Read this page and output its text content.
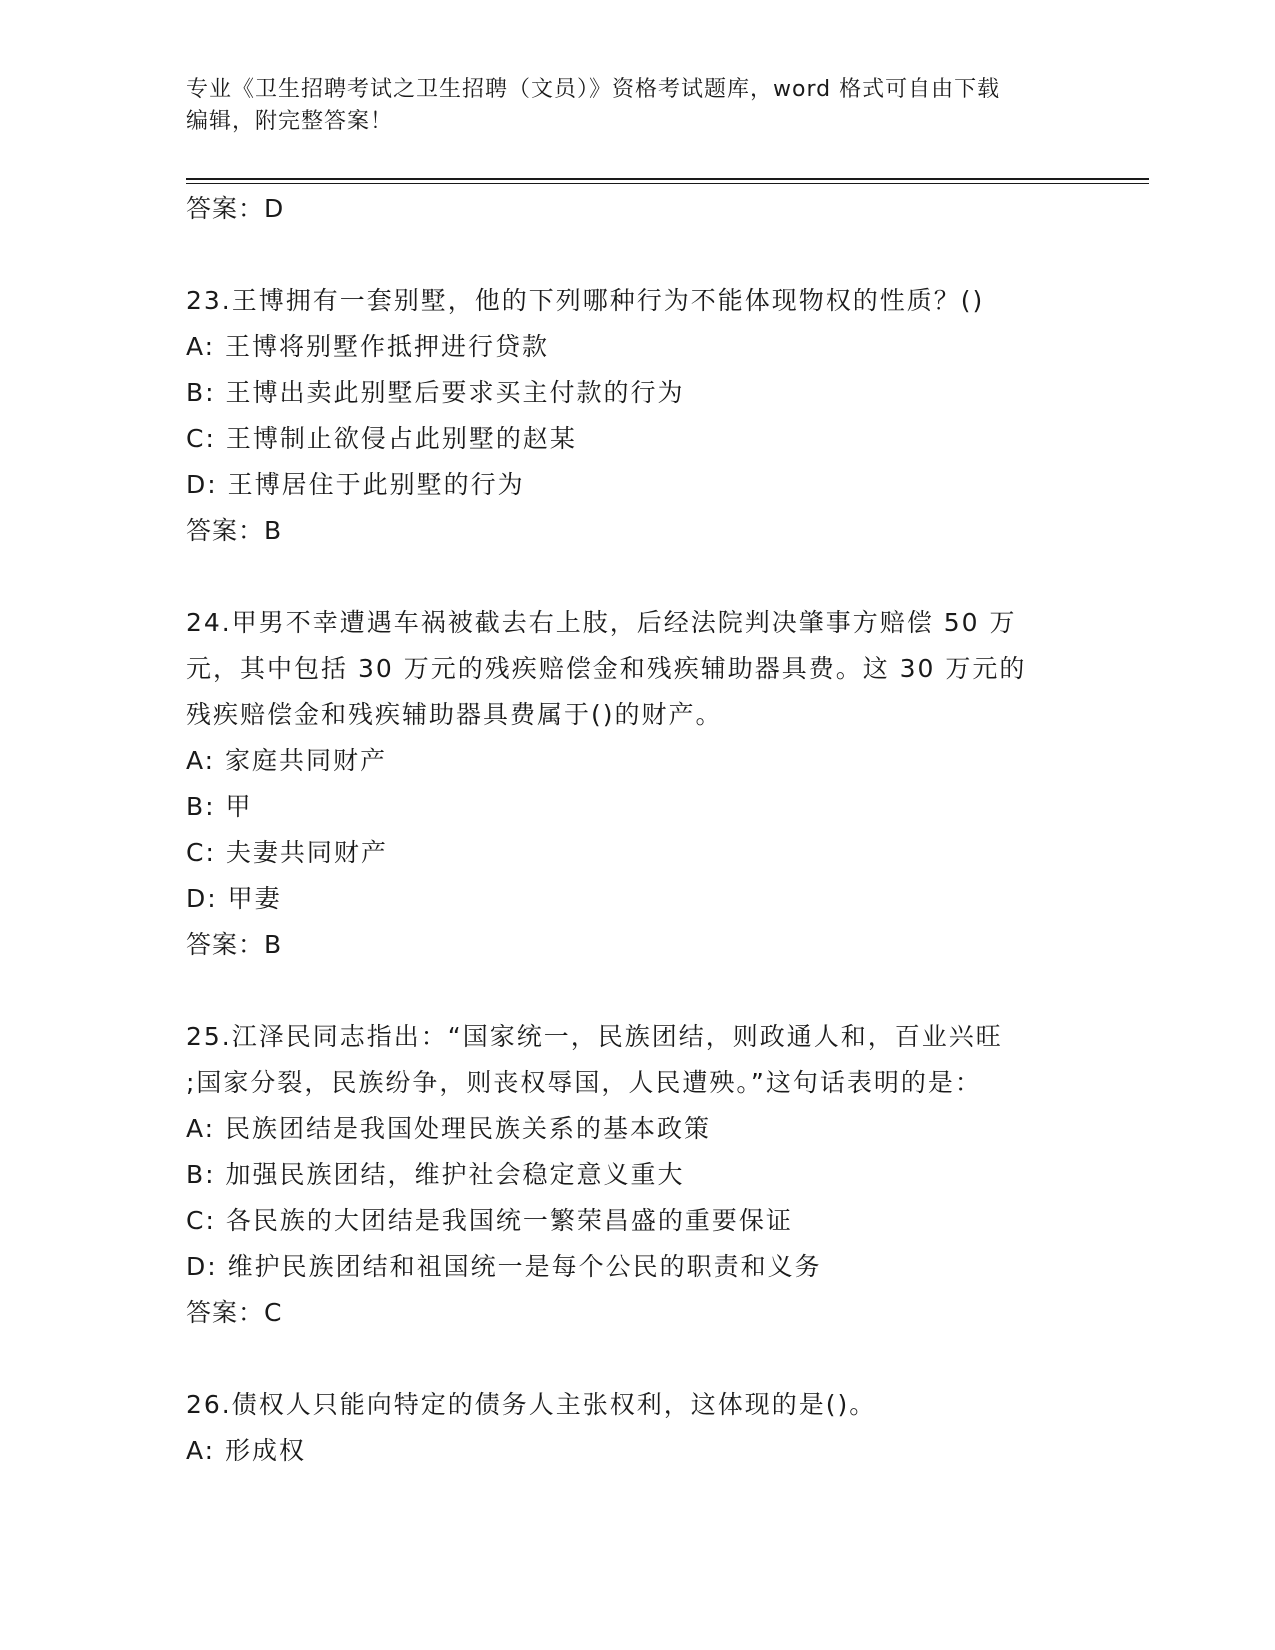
专业《卫生招聘考试之卫生招聘（文员）》资格考试题库，word 格式可自由下载
编辑，附完整答案！
答案：D
23.王博拥有一套别墅，他的下列哪种行为不能体现物权的性质？()
A: 王博将别墅作抵押进行贷款
B: 王博出卖此别墅后要求买主付款的行为
C: 王博制止欲侵占此别墅的赵某
D: 王博居住于此别墅的行为
答案：B
24.甲男不幸遭遇车祸被截去右上肢，后经法院判决肇事方赔偿 50 万
元，其中包括 30 万元的残疾赔偿金和残疾辅助器具费。这 30 万元的
残疾赔偿金和残疾辅助器具费属于()的财产。
A: 家庭共同财产
B: 甲
C: 夫妻共同财产
D: 甲妻
答案：B
25.江泽民同志指出：“国家统一，民族团结，则政通人和，百业兴旺
;国家分裂，民族纷争，则丧权辱国，人民遭殃。”这句话表明的是：
A: 民族团结是我国处理民族关系的基本政策
B: 加强民族团结，维护社会稳定意义重大
C: 各民族的大团结是我国统一繁荣昌盛的重要保证
D: 维护民族团结和祖国统一是每个公民的职责和义务
答案：C
26.债权人只能向特定的债务人主张权利，这体现的是()。
A: 形成权
